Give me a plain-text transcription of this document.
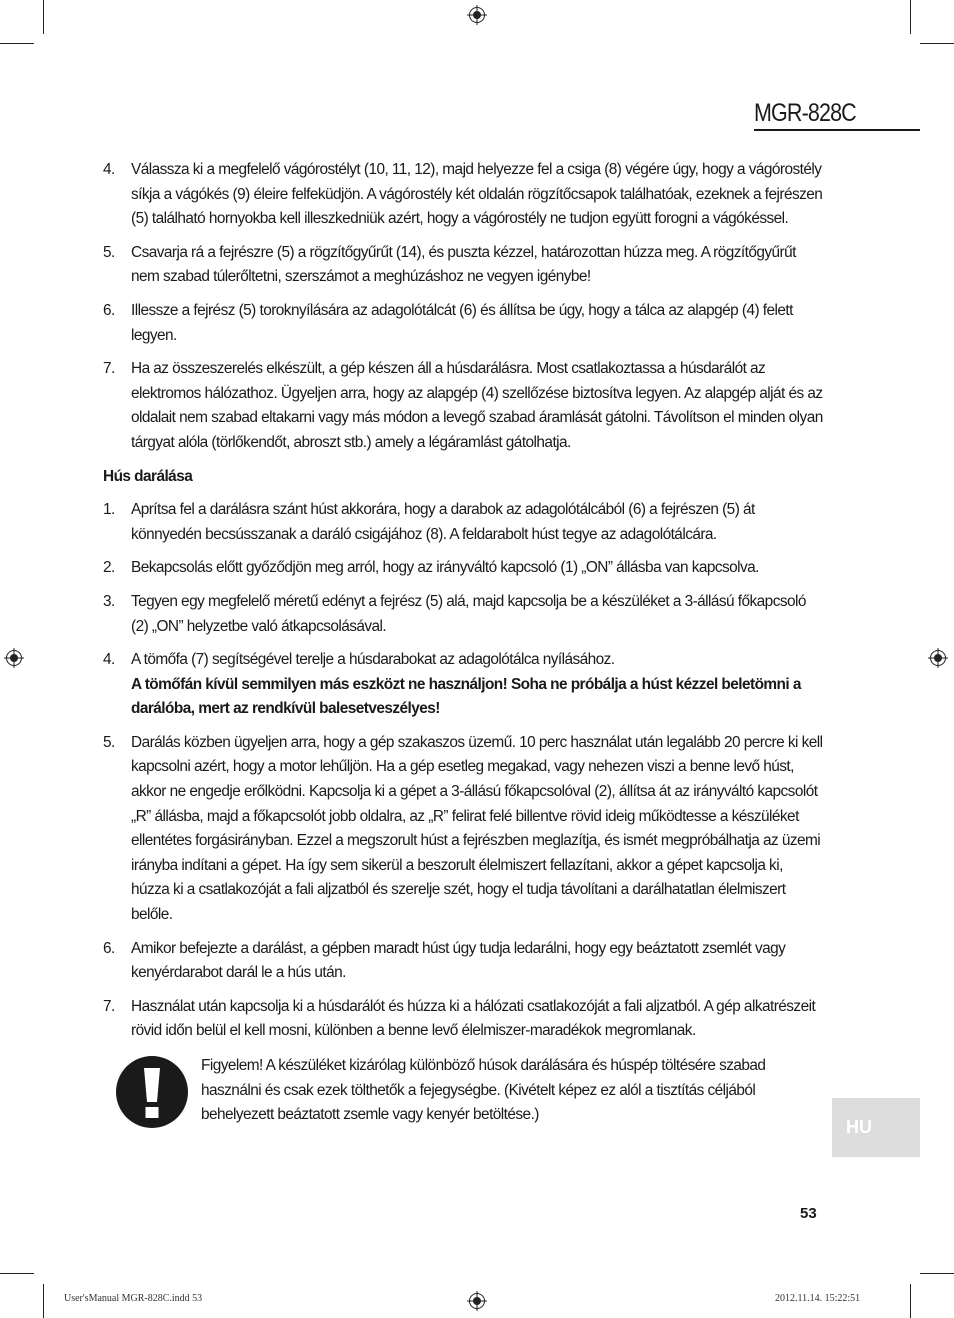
MGR-828C
4. Válassza ki a megfelelő vágórostélyt (10, 11, 12), majd helyezze fel a csiga (8) végére úgy, hogy a vágórostély síkja a vágókés (9) éleire felfeküdjön. A vágórostély két oldalán rögzítőcsapok találhatóak, ezeknek a fejrészen (5) található hornyokba kell illeszkedniük azért, hogy a vágórostély ne tudjon együtt forogni a vágókéssel.
5. Csavarja rá a fejrészre (5) a rögzítőgyűrűt (14), és puszta kézzel, határozottan húzza meg. A rögzítőgyűrűt nem szabad túlerőltetni, szerszámot a meghúzáshoz ne vegyen igénybe!
6. Illessze a fejrész (5) toroknyílására az adagolótálcát (6) és állítsa be úgy, hogy a tálca az alapgép (4) felett legyen.
7. Ha az összeszerelés elkészült, a gép készen áll a húsdarálásra. Most csatlakoztassa a húsdarálót az elektromos hálózathoz. Ügyeljen arra, hogy az alapgép (4) szellőzése biztosítva legyen. Az alapgép alját és az oldalait nem szabad eltakarni vagy más módon a levegő szabad áramlását gátolni. Távolítson el minden olyan tárgyat alóla (törlőkendőt, abroszt stb.) amely a légáramlást gátolhatja.
Hús darálása
1. Aprítsa fel a darálásra szánt húst akkorára, hogy a darabok az adagolótálcából (6) a fejrészen (5) át könnyedén becsússzanak a daráló csigájához (8). A feldarabolt húst tegye az adagolótálcára.
2. Bekapcsolás előtt győződjön meg arról, hogy az irányváltó kapcsoló (1) „ON” állásba van kapcsolva.
3. Tegyen egy megfelelő méretű edényt a fejrész (5) alá, majd kapcsolja be a készüléket a 3-állású főkapcsoló (2) „ON” helyzetbe való átkapcsolásával.
4. A tömőfa (7) segítségével terelje a húsdarabokat az adagolótálca nyílásához.
A tömőfán kívül semmilyen más eszközt ne használjon! Soha ne próbálja a húst kézzel beletömni a darálóba, mert az rendkívül balesetveszélyes!
5. Darálás közben ügyeljen arra, hogy a gép szakaszos üzemű. 10 perc használat után legalább 20 percre ki kell kapcsolni azért, hogy a motor lehűljön. Ha a gép esetleg megakad, vagy nehezen viszi a benne levő húst, akkor ne engedje erőlködni. Kapcsolja ki a gépet a 3-állású főkapcsolóval (2), állítsa át az irányváltó kapcsolót „R” állásba, majd a főkapcsolót jobb oldalra, az „R” felirat felé billentve rövid ideig működtesse a készüléket ellentétes forgásirányban. Ezzel a megszorult húst a fejrészben meglazítja, és ismét megpróbálhatja az üzemi irányba indítani a gépet. Ha így sem sikerül a beszorult élelmiszert fellazítani, akkor a gépet kapcsolja ki, húzza ki a csatlakozóját a fali aljzatból és szerelje szét, hogy el tudja távolítani a darálhatatlan élelmiszert belőle.
6. Amikor befejezte a darálást, a gépben maradt húst úgy tudja ledarálni, hogy egy beáztatott zsemlét vagy kenyérdarabot darál le a hús után.
7. Használat után kapcsolja ki a húsdarálót és húzza ki a hálózati csatlakozóját a fali aljzatból. A gép alkatrészeit rövid időn belül el kell mosni, különben a benne levő élelmiszer-maradékok megromlanak.
Figyelem! A készüléket kizárólag különböző húsok darálására és húspép töltésére szabad használni és csak ezek tölthetők a fejegységbe. (Kivételt képez ez alól a tisztítás céljából behelyezett beáztatott zsemle vagy kenyér betöltése.)
HU
53
User'sManual MGR-828C.indd 53	2012.11.14. 15:22:51
